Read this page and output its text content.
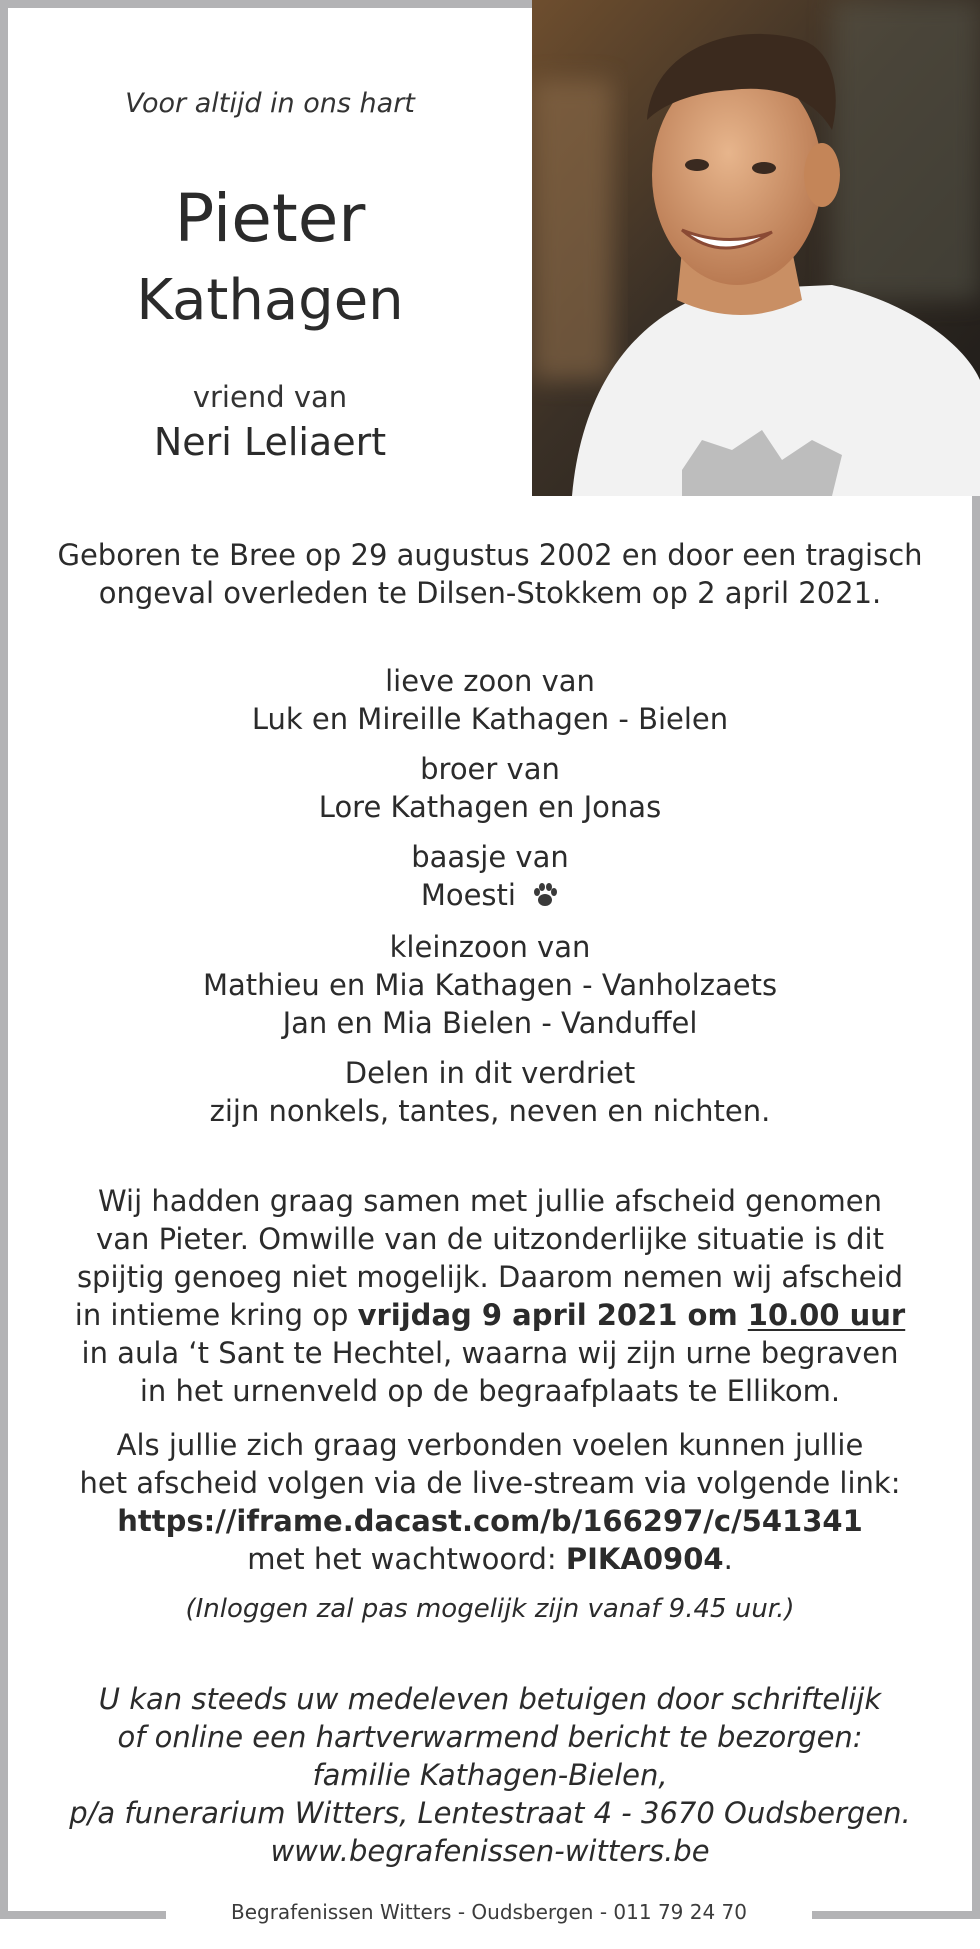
Voor altijd in ons hart
Pieter
Kathagen
vriend van
Neri Leliaert
Geboren te Bree op 29 augustus 2002 en door een tragisch
ongeval overleden te Dilsen-Stokkem op 2 april 2021.
lieve zoon van
Luk en Mireille Kathagen - Bielen
broer van
Lore Kathagen en Jonas
baasje van
Moesti
kleinzoon van
Mathieu en Mia Kathagen - Vanholzaets
Jan en Mia Bielen - Vanduffel
Delen in dit verdriet
zijn nonkels, tantes, neven en nichten.
Wij hadden graag samen met jullie afscheid genomen
van Pieter. Omwille van de uitzonderlijke situatie is dit
spijtig genoeg niet mogelijk. Daarom nemen wij afscheid
in intieme kring op vrijdag 9 april 2021 om 10.00 uur
in aula ‘t Sant te Hechtel, waarna wij zijn urne begraven
in het urnenveld op de begraafplaats te Ellikom.
Als jullie zich graag verbonden voelen kunnen jullie
het afscheid volgen via de live-stream via volgende link:
https://iframe.dacast.com/b/166297/c/541341
met het wachtwoord: PIKA0904.
(Inloggen zal pas mogelijk zijn vanaf 9.45 uur.)
U kan steeds uw medeleven betuigen door schriftelijk
of online een hartverwarmend bericht te bezorgen:
familie Kathagen-Bielen,
p/a funerarium Witters, Lentestraat 4 - 3670 Oudsbergen.
www.begrafenissen-witters.be
Begrafenissen Witters - Oudsbergen - 011 79 24 70
